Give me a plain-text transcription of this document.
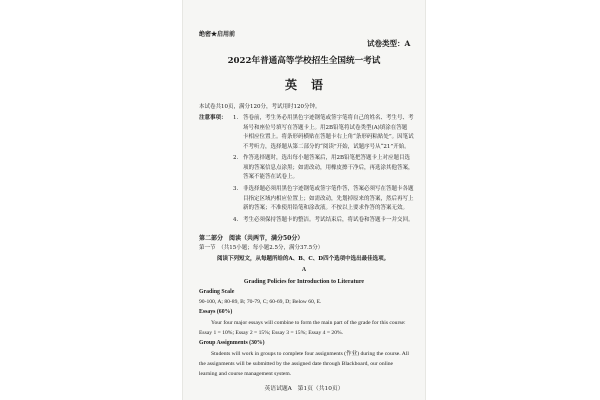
绝密★启用前
试卷类型：A
2022年普通高等学校招生全国统一考试
英语
本试卷共10页，满分120分，考试用时120分钟。
注意事项： 1. 答卷前，考生务必用黑色字迹钢笔或签字笔将自己的姓名、考生号、考
场号和座位号填写在答题卡上。用2B铅笔将试卷类型(A)填涂在答题
卡相应位置上。将条形码横贴在答题卡右上角“条形码粘贴处”。因笔试
不考听力，选择题从第二部分的“阅读”开始，试题序号从“21”开始。
2. 作答选择题时，选出每小题答案后，用2B铅笔把答题卡上对应题目选
项的答案信息点涂黑；如需改动，用橡皮擦干净后，再选涂其他答案，
答案不能答在试卷上。
3. 非选择题必须用黑色字迹钢笔或签字笔作答，答案必须写在答题卡各题
目指定区域内相应位置上；如需改动，先划掉原来的答案，然后再写上
新的答案；不准使用铅笔和涂改液。不按以上要求作答的答案无效。
4. 考生必须保持答题卡的整洁。考试结束后，将试卷和答题卡一并交回。
第二部分　阅读（共两节，满分50分）
第一节　（共15小题；每小题2.5分，满分37.5分）
阅读下列短文，从每题所给的A、B、C、D四个选项中选出最佳选项。
A
Grading Policies for Introduction to Literature
Grading Scale
90-100, A; 80-89, B; 70-79, C; 60-69, D; Below 60, E.
Essays (60%)
Your four major essays will combine to form the main part of the grade for this course:
Essay 1 = 10%; Essay 2 = 15%; Essay 3 = 15%; Essay 4 = 20%.
Group Assignments (30%)
Students will work in groups to complete four assignments (作业) during the course. All
the assignments will be submitted by the assigned date through Blackboard, our online
learning and course management system.
英语试题A　第1页（共10页）
